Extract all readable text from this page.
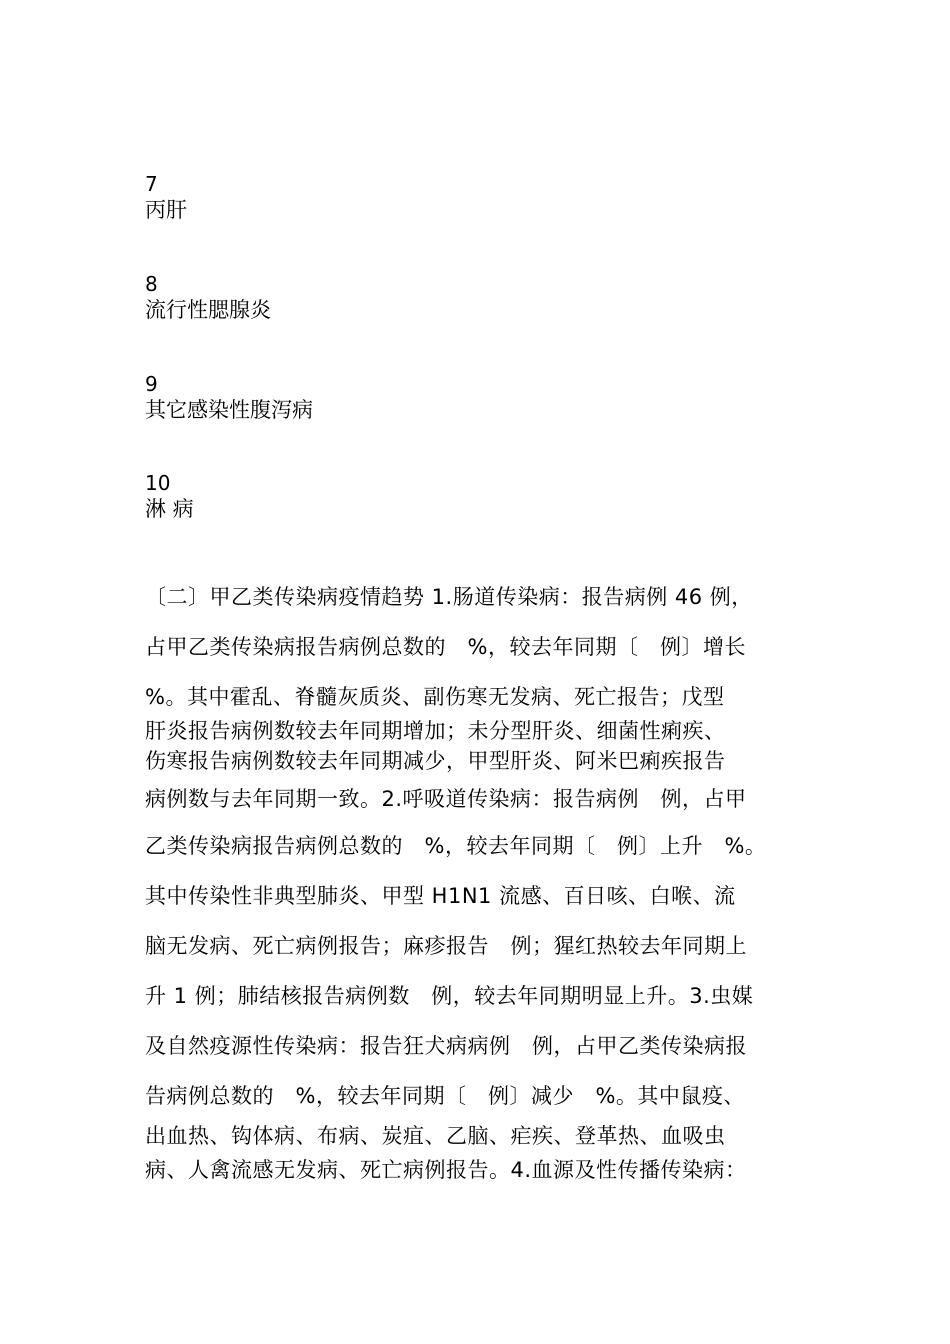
7
丙肝
8
流行性腮腺炎
9
其它感染性腹泻病
10
淋 病
〔二〕甲乙类传染病疫情趋势 1.肠道传染病：报告病例 46 例，
占甲乙类传染病报告病例总数的　%，较去年同期〔　例〕增长
%。其中霍乱、脊髓灰质炎、副伤寒无发病、死亡报告；戊型
肝炎报告病例数较去年同期增加；未分型肝炎、细菌性痢疾、
伤寒报告病例数较去年同期减少，甲型肝炎、阿米巴痢疾报告
病例数与去年同期一致。2.呼吸道传染病：报告病例　例，占甲
乙类传染病报告病例总数的　%，较去年同期〔　例〕上升　%。
其中传染性非典型肺炎、甲型 H1N1 流感、百日咳、白喉、流
脑无发病、死亡病例报告；麻疹报告　例；猩红热较去年同期上
升 1 例；肺结核报告病例数　例，较去年同期明显上升。3.虫媒
及自然疫源性传染病：报告狂犬病病例　例，占甲乙类传染病报
告病例总数的　%，较去年同期〔　例〕减少　%。其中鼠疫、
出血热、钩体病、布病、炭疽、乙脑、疟疾、登革热、血吸虫
病、人禽流感无发病、死亡病例报告。4.血源及性传播传染病：
